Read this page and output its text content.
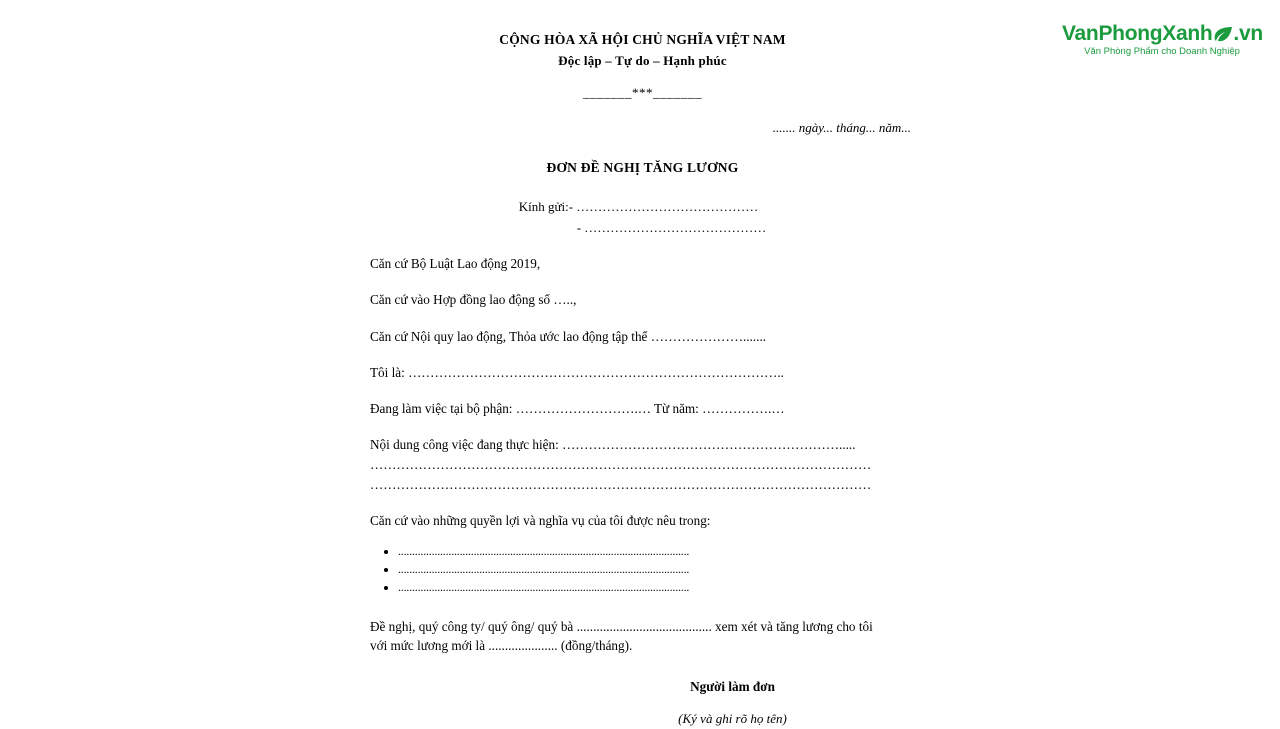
VanPhongXanh .vn
Văn Phòng Phẩm cho Doanh Nghiệp
CỘNG HÒA XÃ HỘI CHỦ NGHĨA VIỆT NAM
Độc lập – Tự do – Hạnh phúc
_______***_______
....... ngày... tháng... năm...
ĐƠN ĐỀ NGHỊ TĂNG LƯƠNG
Kính gửi: - ……………………………………
- ……………………………………
Căn cứ Bộ Luật Lao động 2019,
Căn cứ vào Hợp đồng lao động số …..,
Căn cứ Nội quy lao động, Thỏa ước lao động tập thể ………………….......
Tôi là: …………………………………………………………………………..
Đang làm việc tại bộ phận: ……………………….… Từ năm: …………….…
Nội dung công việc đang thực hiện: ……………………………………………………….....
……………………………………………………………………………………………………
……………………………………………………………………………………………………
Căn cứ vào những quyền lợi và nghĩa vụ của tôi được nêu trong:
• ........................................................................................................
• ........................................................................................................
• ........................................................................................................
Đề nghị, quý công ty/ quý ông/ quý bà ......................................... xem xét và tăng lương cho tôi
với mức lương mới là ..................... (đồng/tháng).
Người làm đơn
(Ký và ghi rõ họ tên)
